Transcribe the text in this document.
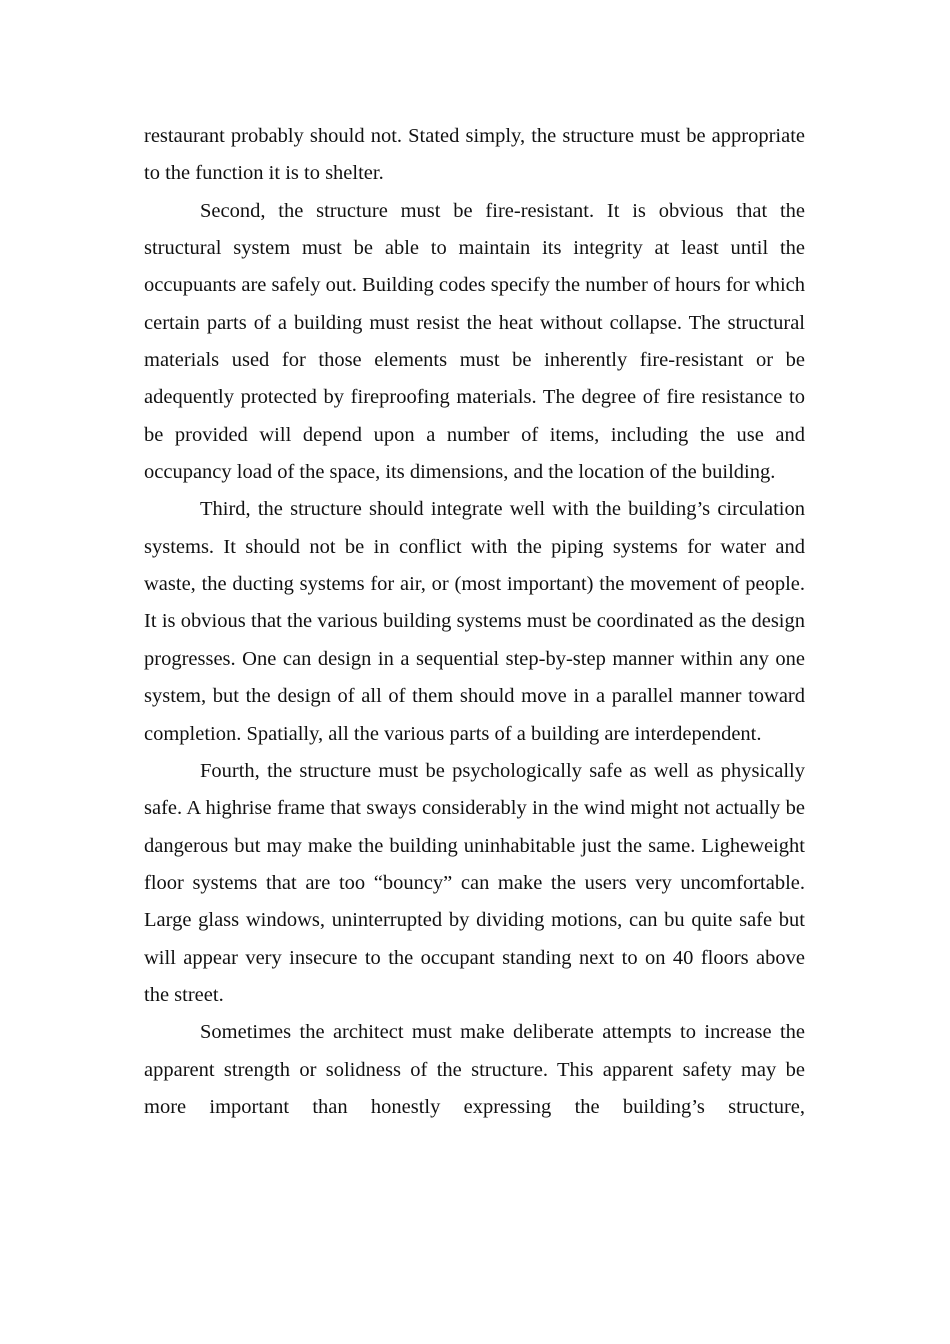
restaurant probably should not. Stated simply, the structure must be appropriate to the function it is to shelter.

Second, the structure must be fire-resistant. It is obvious that the structural system must be able to maintain its integrity at least until the occupuants are safely out. Building codes specify the number of hours for which certain parts of a building must resist the heat without collapse. The structural materials used for those elements must be inherently fire-resistant or be adequently protected by fireproofing materials. The degree of fire resistance to be provided will depend upon a number of items, including the use and occupancy load of the space, its dimensions, and the location of the building.

Third, the structure should integrate well with the building’s circulation systems. It should not be in conflict with the piping systems for water and waste, the ducting systems for air, or (most important) the movement of people. It is obvious that the various building systems must be coordinated as the design progresses. One can design in a sequential step-by-step manner within any one system, but the design of all of them should move in a parallel manner toward completion. Spatially, all the various parts of a building are interdependent.

Fourth, the structure must be psychologically safe as well as physically safe. A highrise frame that sways considerably in the wind might not actually be dangerous but may make the building uninhabitable just the same. Ligheweight floor systems that are too “bouncy” can make the users very uncomfortable. Large glass windows, uninterrupted by dividing motions, can bu quite safe but will appear very insecure to the occupant standing next to on 40 floors above the street.

Sometimes the architect must make deliberate attempts to increase the apparent strength or solidness of the structure. This apparent safety may be more important than honestly expressing the building’s structure,
